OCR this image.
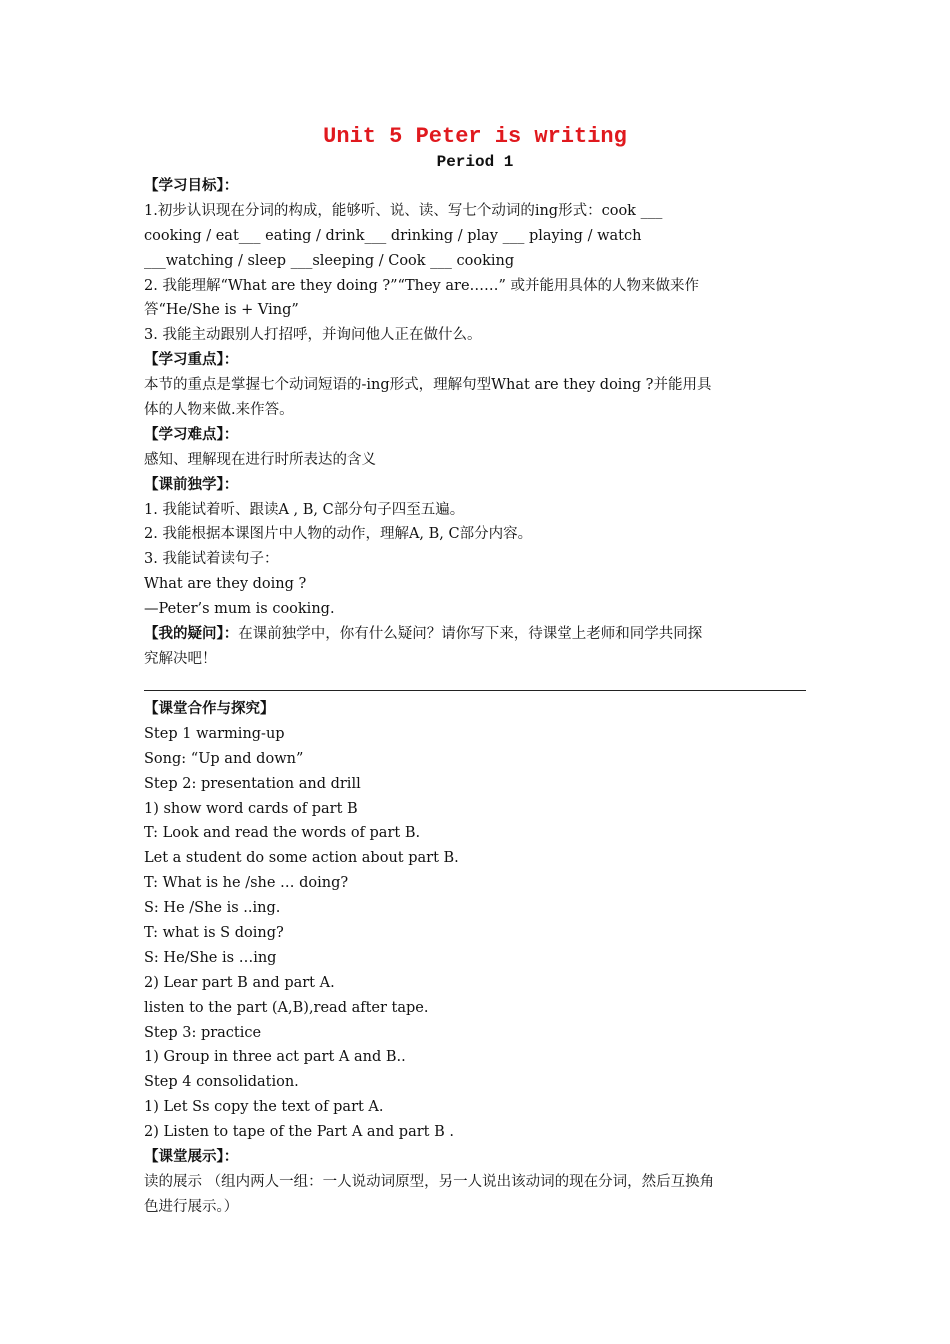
Unit 5 Peter is writing
Period 1
【学习目标】：
1.初步认识现在分词的构成，能够听、说、读、写七个动词的ing形式：cook ___
cooking / eat___ eating / drink___ drinking / play ___ playing / watch
___watching / sleep ___sleeping / Cook ___ cooking
2. 我能理解“What are they doing ?”“They are……” 或并能用具体的人物来做来作
答“He/She is + Ving”
3. 我能主动跟别人打招呼，并询问他人正在做什么。
【学习重点】：
本节的重点是掌握七个动词短语的-ing形式，理解句型What are they doing ?并能用具
体的人物来做.来作答。
【学习难点】：
感知、理解现在进行时所表达的含义
【课前独学】：
1. 我能试着听、跟读A , B, C部分句子四至五遍。
2. 我能根据本课图片中人物的动作，理解A, B, C部分内容。
3. 我能试着读句子：
What are they doing ?
—Peter’s mum is cooking.
【我的疑问】：在课前独学中，你有什么疑问？请你写下来，待课堂上老师和同学共同探
究解决吧！
【课堂合作与探究】
Step 1 warming-up
Song: “Up and down”
Step 2: presentation and drill
1) show word cards of part B
T: Look and read the words of part B.
Let a student do some action about part B.
T: What is he /she … doing?
S: He /She is ..ing.
T: what is S doing?
S: He/She is …ing
2) Lear part B and part A.
listen to the part (A,B),read after tape.
Step 3: practice
1) Group in three act part A and B..
Step 4 consolidation.
1) Let Ss copy the text of part A.
2) Listen to tape of the Part A and part B .
【课堂展示】：
读的展示 （组内两人一组：一人说动词原型，另一人说出该动词的现在分词，然后互换角
色进行展示。）
